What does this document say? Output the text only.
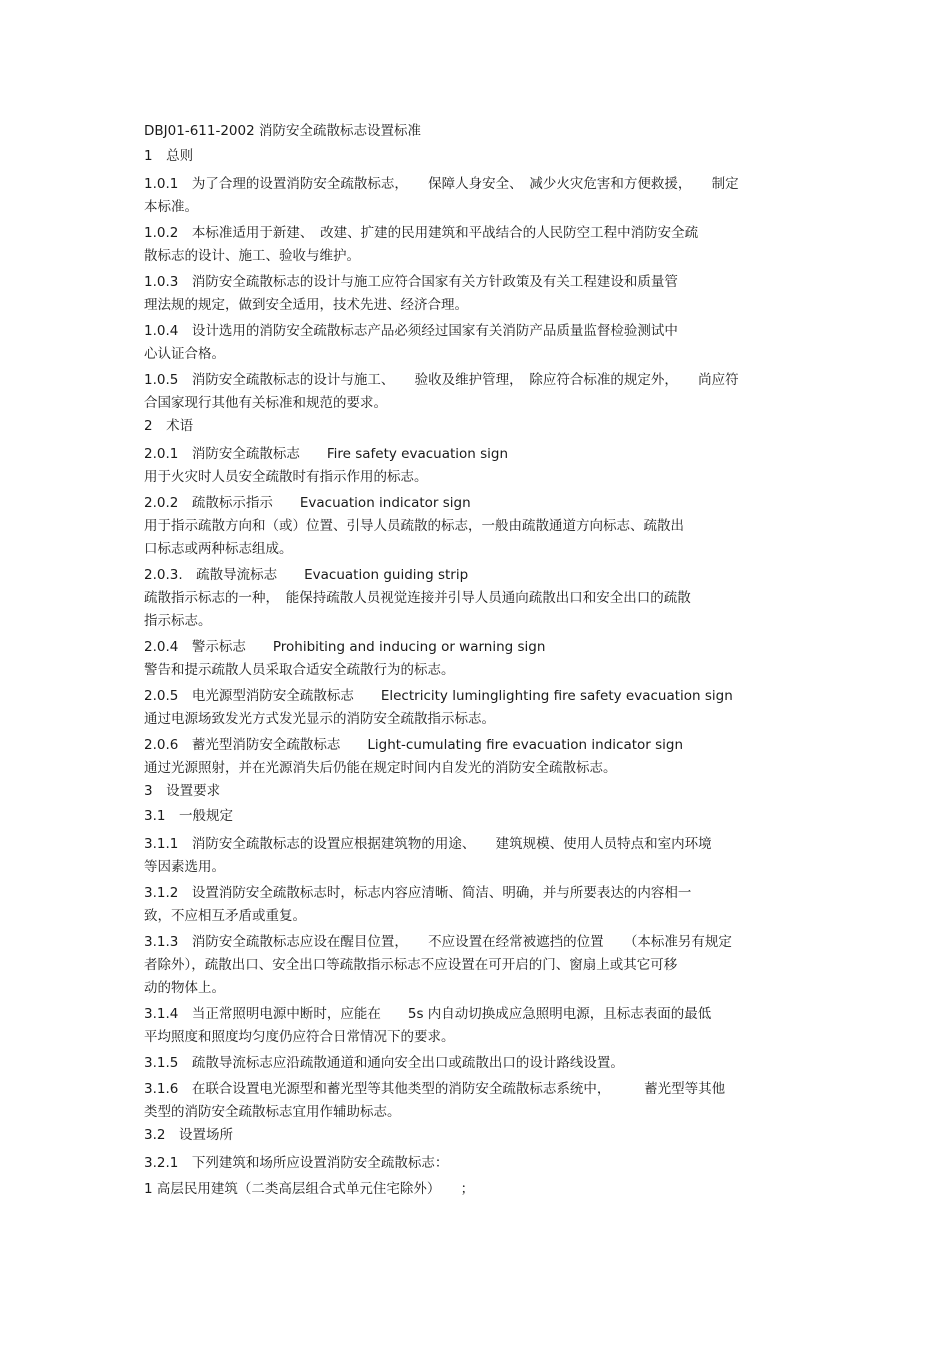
DBJ01-611-2002 消防安全疏散标志设置标准
1　总则
1.0.1　为了合理的设置消防安全疏散标志，　　保障人身安全、　减少火灾危害和方便救援，　　制定
本标准。
1.0.2　本标准适用于新建、　改建、扩建的民用建筑和平战结合的人民防空工程中消防安全疏
散标志的设计、施工、验收与维护。
1.0.3　消防安全疏散标志的设计与施工应符合国家有关方针政策及有关工程建设和质量管
理法规的规定，做到安全适用，技术先进、经济合理。
1.0.4　设计选用的消防安全疏散标志产品必须经过国家有关消防产品质量监督检验测试中
心认证合格。
1.0.5　消防安全疏散标志的设计与施工、　　验收及维护管理，　除应符合标准的规定外，　　尚应符
合国家现行其他有关标准和规范的要求。
2　术语
2.0.1　消防安全疏散标志　　Fire safety evacuation sign
用于火灾时人员安全疏散时有指示作用的标志。
2.0.2　疏散标示指示　　Evacuation indicator sign
用于指示疏散方向和（或）位置、引导人员疏散的标志，一般由疏散通道方向标志、疏散出
口标志或两种标志组成。
2.0.3.　疏散导流标志　　Evacuation guiding strip
疏散指示标志的一种，　能保持疏散人员视觉连接并引导人员通向疏散出口和安全出口的疏散
指示标志。
2.0.4　警示标志　　Prohibiting and inducing or warning sign
警告和提示疏散人员采取合适安全疏散行为的标志。
2.0.5　电光源型消防安全疏散标志　　Electricity luminglighting fire safety evacuation sign
通过电源场致发光方式发光显示的消防安全疏散指示标志。
2.0.6　蓄光型消防安全疏散标志　　Light-cumulating fire evacuation indicator sign
通过光源照射，并在光源消失后仍能在规定时间内自发光的消防安全疏散标志。
3　设置要求
3.1　一般规定
3.1.1　消防安全疏散标志的设置应根据建筑物的用途、　　建筑规模、使用人员特点和室内环境
等因素选用。
3.1.2　设置消防安全疏散标志时，标志内容应清晰、简洁、明确，并与所要表达的内容相一
致，不应相互矛盾或重复。
3.1.3　消防安全疏散标志应设在醒目位置，　　不应设置在经常被遮挡的位置　　（本标准另有规定
者除外），疏散出口、安全出口等疏散指示标志不应设置在可开启的门、窗扇上或其它可移
动的物体上。
3.1.4　当正常照明电源中断时，应能在　　5s 内自动切换成应急照明电源，且标志表面的最低
平均照度和照度均匀度仍应符合日常情况下的要求。
3.1.5　疏散导流标志应沿疏散通道和通向安全出口或疏散出口的设计路线设置。
3.1.6　在联合设置电光源型和蓄光型等其他类型的消防安全疏散标志系统中，　　　蓄光型等其他
类型的消防安全疏散标志宜用作辅助标志。
3.2　设置场所
3.2.1　下列建筑和场所应设置消防安全疏散标志：
1 高层民用建筑（二类高层组合式单元住宅除外）　　；
